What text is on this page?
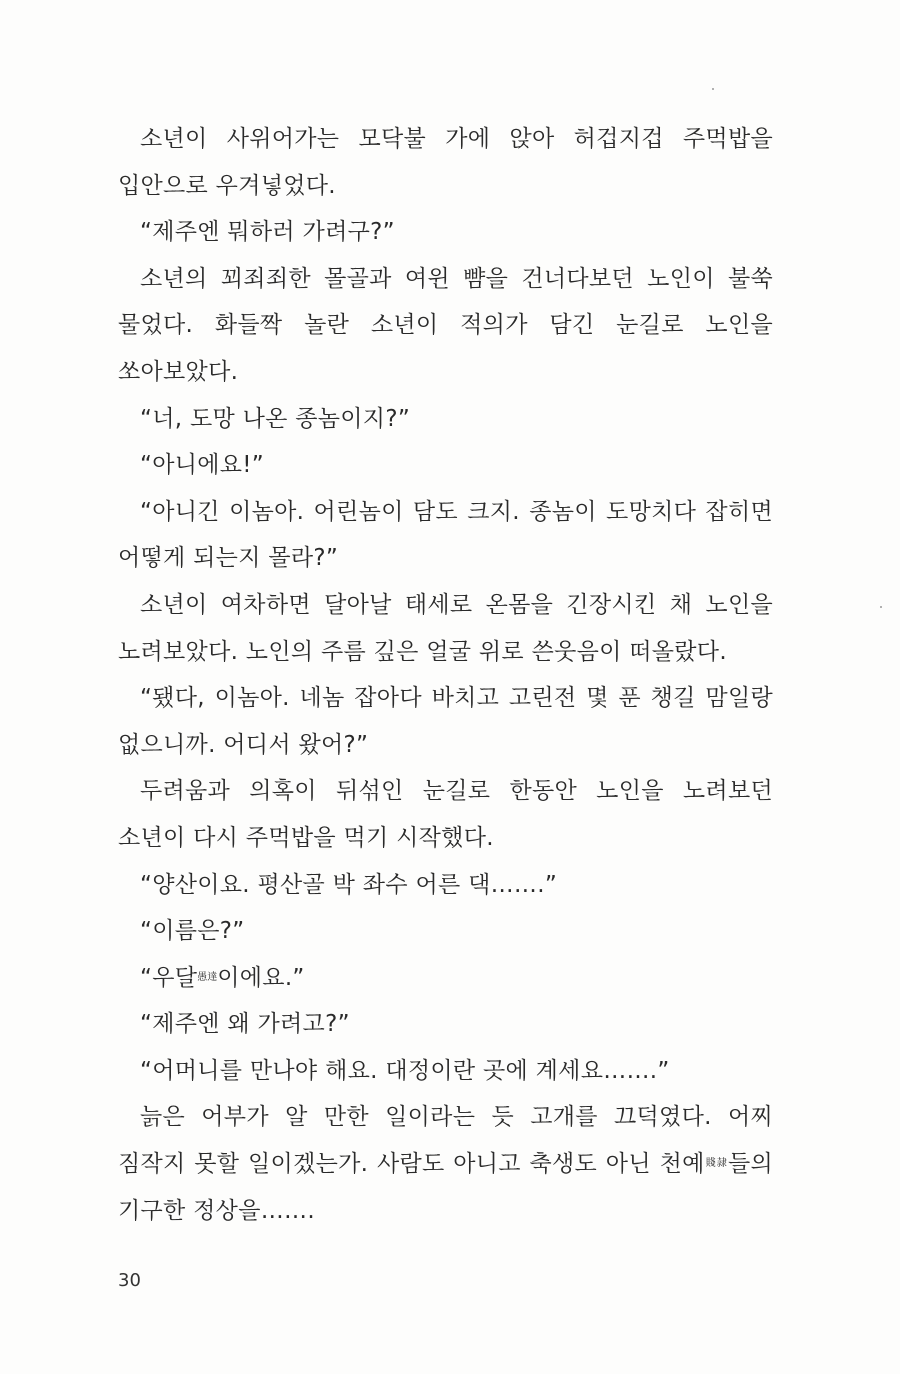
소년이 사위어가는 모닥불 가에 앉아 허겁지겁 주먹밥을 입안으로 우겨넣었다.

“제주엔 뭐하러 가려구?”

소년의 꾀죄죄한 몰골과 여윈 뺨을 건너다보던 노인이 불쑥 물었다. 화들짝 놀란 소년이 적의가 담긴 눈길로 노인을 쏘아보았다.

“너, 도망 나온 종놈이지?”

“아니에요!”

“아니긴 이놈아. 어린놈이 담도 크지. 종놈이 도망치다 잡히면 어떻게 되는지 몰라?”

소년이 여차하면 달아날 태세로 온몸을 긴장시킨 채 노인을 노려보았다. 노인의 주름 깊은 얼굴 위로 쓴웃음이 떠올랐다.

“됐다, 이놈아. 네놈 잡아다 바치고 고린전 몇 푼 챙길 맘일랑 없으니까. 어디서 왔어?”

두려움과 의혹이 뒤섞인 눈길로 한동안 노인을 노려보던 소년이 다시 주먹밥을 먹기 시작했다.

“양산이요. 평산골 박 좌수 어른 댁…….”

“이름은?”

“우달$^{愚達}$이에요.”

“제주엔 왜 가려고?”

“어머니를 만나야 해요. 대정이란 곳에 계세요…….”

늙은 어부가 알 만한 일이라는 듯 고개를 끄덕였다. 어찌 짐작지 못할 일이겠는가. 사람도 아니고 축생도 아닌 천예$^{賤隷}$들의 기구한 정상을…….

30
